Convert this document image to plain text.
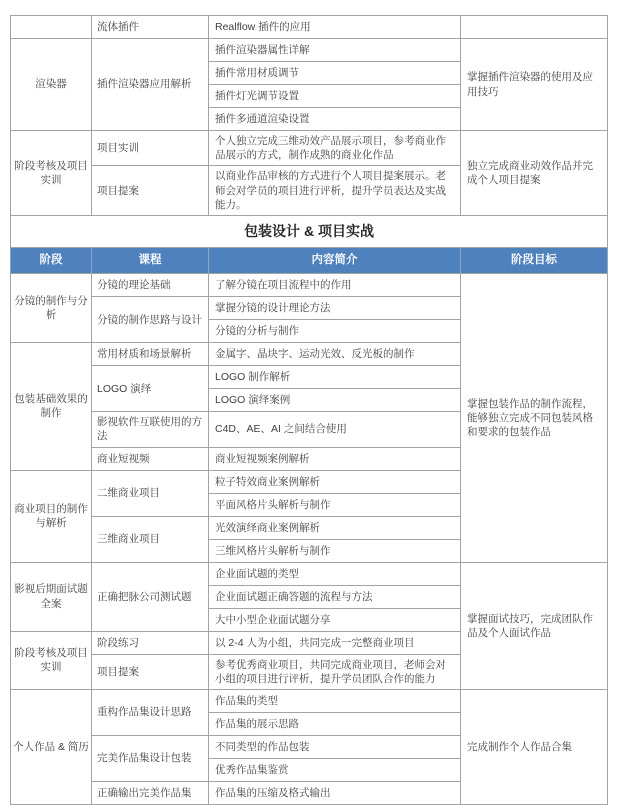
	流体插件	Realflow 插件的应用	
渲染器	插件渲染器应用解析	插件渲染器属性详解	掌握插件渲染器的使用及应用技巧
		插件常用材质调节	
		插件灯光调节设置	
		插件多通道渲染设置	
阶段考核及项目实训	项目实训	个人独立完成三维动效产品展示项目，参考商业作品展示的方式，制作成熟的商业化作品	独立完成商业动效作品并完成个人项目提案
	项目提案	以商业作品审核的方式进行个人项目提案展示。老师会对学员的项目进行评析，提升学员表达及实战能力。	
包装设计 & 项目实战			
阶段	课程	内容简介	阶段目标
分镜的制作与分析	分镜的理论基础	了解分镜在项目流程中的作用	掌握包装作品的制作流程，能够独立完成不同包装风格和要求的包装作品
	分镜的制作思路与设计	掌握分镜的设计理论方法	
		分镜的分析与制作	
包装基础效果的制作	常用材质和场景解析	金属字、晶块字、运动光效、反光板的制作	
	LOGO 演绎	LOGO 制作解析	
		LOGO 演绎案例	
	影视软件互联使用的方法	C4D、AE、AI 之间结合使用	
	商业短视频	商业短视频案例解析	
商业项目的制作与解析	二维商业项目	粒子特效商业案例解析	
		平面风格片头解析与制作	
	三维商业项目	光效演绎商业案例解析	
		三维风格片头解析与制作	
影视后期面试题全案	正确把脉公司测试题	企业面试题的类型	掌握面试技巧，完成团队作品及个人面试作品
		企业面试题正确答题的流程与方法	
		大中小型企业面试题分享	
阶段考核及项目实训	阶段练习	以 2-4 人为小组，共同完成一完整商业项目	
	项目提案	参考优秀商业项目，共同完成商业项目，老师会对小组的项目进行评析，提升学员团队合作的能力	
个人作品 & 简历	重构作品集设计思路	作品集的类型	完成制作个人作品合集
		作品集的展示思路	
	完美作品集设计包装	不同类型的作品包装	
		优秀作品集鉴赏	
	正确输出完美作品集	作品集的压缩及格式输出	
